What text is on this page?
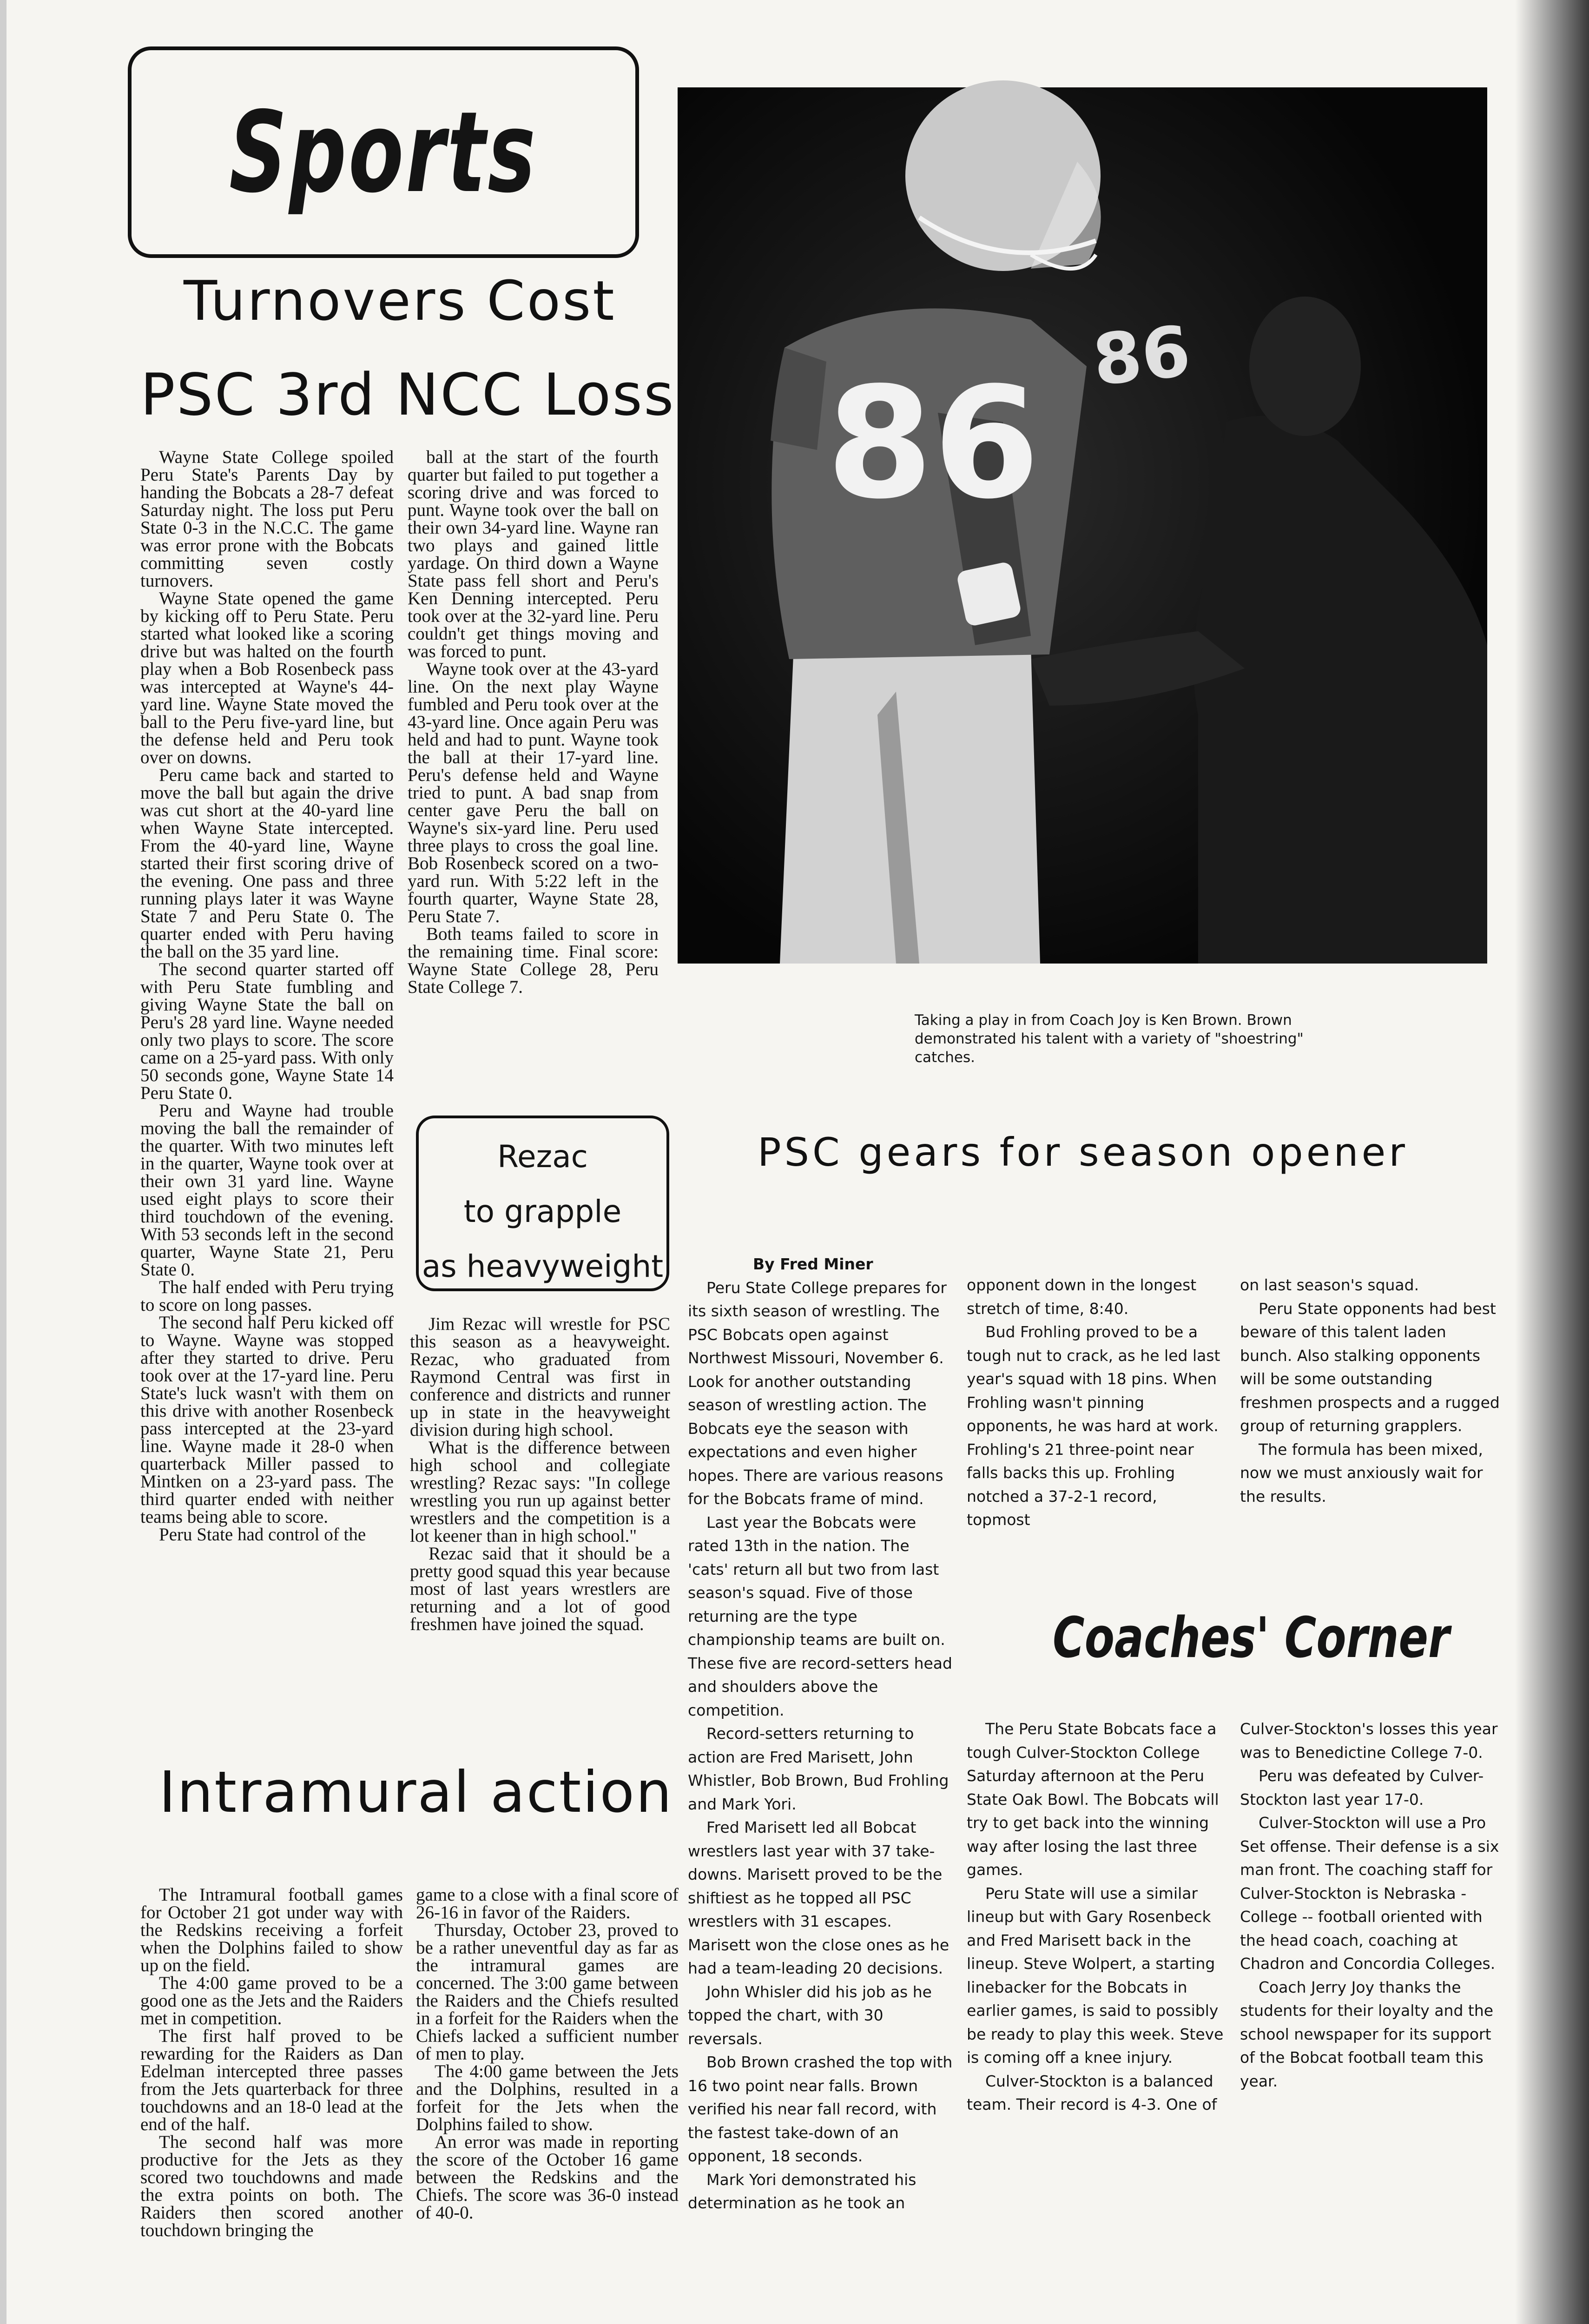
Sports
Turnovers Cost
PSC 3rd NCC Loss

Wayne State College spoiled Peru State's Parents Day by handing the Bobcats a 28-7 defeat Saturday night. The loss put Peru State 0-3 in the N.C.C. The game was error prone with the Bobcats committing seven costly turnovers.

Wayne State opened the game by kicking off to Peru State. Peru started what looked like a scoring drive but was halted on the fourth play when a Bob Rosenbeck pass was intercepted at Wayne's 44-yard line. Wayne State moved the ball to the Peru five-yard line, but the defense held and Peru took over on downs.

Peru came back and started to move the ball but again the drive was cut short at the 40-yard line when Wayne State intercepted. From the 40-yard line, Wayne started their first scoring drive of the evening. One pass and three running plays later it was Wayne State 7 and Peru State 0. The quarter ended with Peru having the ball on the 35 yard line.

The second quarter started off with Peru State fumbling and giving Wayne State the ball on Peru's 28 yard line. Wayne needed only two plays to score. The score came on a 25-yard pass. With only 50 seconds gone, Wayne State 14 Peru State 0.

Peru and Wayne had trouble moving the ball the remainder of the quarter. With two minutes left in the quarter, Wayne took over at their own 31 yard line. Wayne used eight plays to score their third touchdown of the evening. With 53 seconds left in the second quarter, Wayne State 21, Peru State 0.

The half ended with Peru trying to score on long passes.

The second half Peru kicked off to Wayne. Wayne was stopped after they started to drive. Peru took over at the 17-yard line. Peru State's luck wasn't with them on this drive with another Rosenbeck pass intercepted at the 23-yard line. Wayne made it 28-0 when quarterback Miller passed to Mintken on a 23-yard pass. The third quarter ended with neither teams being able to score.

Peru State had control of the

ball at the start of the fourth quarter but failed to put together a scoring drive and was forced to punt. Wayne took over the ball on their own 34-yard line. Wayne ran two plays and gained little yardage. On third down a Wayne State pass fell short and Peru's Ken Denning intercepted. Peru took over at the 32-yard line. Peru couldn't get things moving and was forced to punt.

Wayne took over at the 43-yard line. On the next play Wayne fumbled and Peru took over at the 43-yard line. Once again Peru was held and had to punt. Wayne took the ball at their 17-yard line. Peru's defense held and Wayne tried to punt. A bad snap from center gave Peru the ball on Wayne's six-yard line. Peru used three plays to cross the goal line. Bob Rosenbeck scored on a two-yard run. With 5:22 left in the fourth quarter, Wayne State 28, Peru State 7.

Both teams failed to score in the remaining time. Final score: Wayne State College 28, Peru State College 7.

86 86
Taking a play in from Coach Joy is Ken Brown. Brown demonstrated his talent with a variety of "shoestring" catches.
Rezac
to grapple
as heavyweight

Jim Rezac will wrestle for PSC this season as a heavyweight. Rezac, who graduated from Raymond Central was first in conference and districts and runner up in state in the heavyweight division during high school.

What is the difference between high school and collegiate wrestling? Rezac says: "In college wrestling you run up against better wrestlers and the competition is a lot keener than in high school."

Rezac said that it should be a pretty good squad this year because most of last years wrestlers are returning and a lot of good freshmen have joined the squad.

PSC gears for season opener

By Fred Miner

Peru State College prepares for its sixth season of wrestling. The PSC Bobcats open against Northwest Missouri, November 6. Look for another outstanding season of wrestling action. The Bobcats eye the season with expectations and even higher hopes. There are various reasons for the Bobcats frame of mind.

Last year the Bobcats were rated 13th in the nation. The 'cats' return all but two from last season's squad. Five of those returning are the type championship teams are built on. These five are record-setters head and shoulders above the competition.

Record-setters returning to action are Fred Marisett, John Whistler, Bob Brown, Bud Frohling and Mark Yori.

Fred Marisett led all Bobcat wrestlers last year with 37 take-downs. Marisett proved to be the shiftiest as he topped all PSC wrestlers with 31 escapes. Marisett won the close ones as he had a team-leading 20 decisions.

John Whisler did his job as he topped the chart, with 30 reversals.

Bob Brown crashed the top with 16 two point near falls. Brown verified his near fall record, with the fastest take-down of an opponent, 18 seconds.

Mark Yori demonstrated his determination as he took an

opponent down in the longest stretch of time, 8:40.

Bud Frohling proved to be a tough nut to crack, as he led last year's squad with 18 pins. When Frohling wasn't pinning opponents, he was hard at work. Frohling's 21 three-point near falls backs this up. Frohling notched a 37-2-1 record, topmost

on last season's squad.

Peru State opponents had best beware of this talent laden bunch. Also stalking opponents will be some outstanding freshmen prospects and a rugged group of returning grapplers.

The formula has been mixed, now we must anxiously wait for the results.

Coaches' Corner

The Peru State Bobcats face a tough Culver-Stockton College Saturday afternoon at the Peru State Oak Bowl. The Bobcats will try to get back into the winning way after losing the last three games.

Peru State will use a similar lineup but with Gary Rosenbeck and Fred Marisett back in the lineup. Steve Wolpert, a starting linebacker for the Bobcats in earlier games, is said to possibly be ready to play this week. Steve is coming off a knee injury.

Culver-Stockton is a balanced team. Their record is 4-3. One of

Culver-Stockton's losses this year was to Benedictine College 7-0.

Peru was defeated by Culver-Stockton last year 17-0.

Culver-Stockton will use a Pro Set offense. Their defense is a six man front. The coaching staff for Culver-Stockton is Nebraska - College -- football oriented with the head coach, coaching at Chadron and Concordia Colleges.

Coach Jerry Joy thanks the students for their loyalty and the school newspaper for its support of the Bobcat football team this year.

Intramural action

The Intramural football games for October 21 got under way with the Redskins receiving a forfeit when the Dolphins failed to show up on the field.

The 4:00 game proved to be a good one as the Jets and the Raiders met in competition.

The first half proved to be rewarding for the Raiders as Dan Edelman intercepted three passes from the Jets quarterback for three touchdowns and an 18-0 lead at the end of the half.

The second half was more productive for the Jets as they scored two touchdowns and made the extra points on both. The Raiders then scored another touchdown bringing the

game to a close with a final score of 26-16 in favor of the Raiders.

Thursday, October 23, proved to be a rather uneventful day as far as the intramural games are concerned. The 3:00 game between the Raiders and the Chiefs resulted in a forfeit for the Raiders when the Chiefs lacked a sufficient number of men to play.

The 4:00 game between the Jets and the Dolphins, resulted in a forfeit for the Jets when the Dolphins failed to show.

An error was made in reporting the score of the October 16 game between the Redskins and the Chiefs. The score was 36-0 instead of 40-0.
